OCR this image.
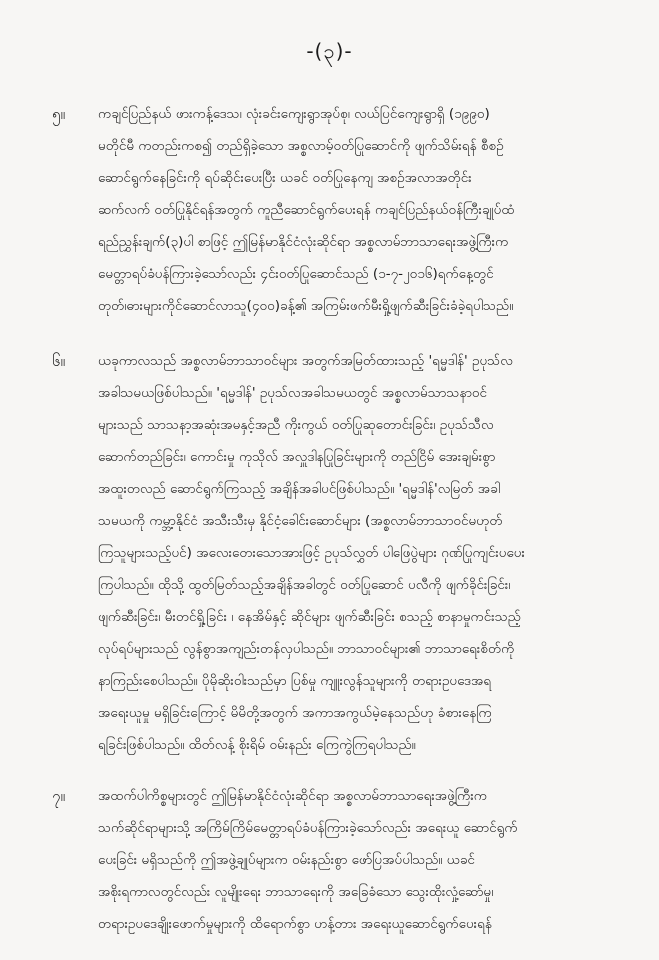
-(၃)-
၅။ ကချင်ပြည်နယ် ဖားကန့်ဒေသ၊ လုံးခင်းကျေးရွာအုပ်စု၊ လယ်ပြင်ကျေးရွာရှိ (၁၉၉၀)
မတိုင်မီ ကတည်းကစ၍ တည်ရှိခဲ့သော အစ္စလာမ့်ဝတ်ပြုဆောင်ကို ဖျက်သိမ်းရန် စီစဉ်
ဆောင်ရွက်နေခြင်းကို ရပ်ဆိုင်းပေးပြီး ယခင် ဝတ်ပြုနေကျ အစဉ်အလာအတိုင်း
ဆက်လက် ဝတ်ပြုနိုင်ရန်အတွက် ကူညီဆောင်ရွက်ပေးရန် ကချင်ပြည်နယ်ဝန်ကြီးချုပ်ထံ
ရည်ညွှန်းချက်(၃)ပါ စာဖြင့် ဤမြန်မာနိုင်ငံလုံးဆိုင်ရာ အစ္စလာမ်ဘာသာရေးအဖွဲ့ကြီးက
မေတ္တာရပ်ခံပန်ကြားခဲ့သော်လည်း ၄င်းဝတ်ပြုဆောင်သည် (၁-၇-၂၀၁၆)ရက်နေ့တွင်
တုတ်၊ဓားများကိုင်ဆောင်လာသူ(၄၀၀)ခန့်၏ အကြမ်းဖက်မီးရှို့ဖျက်ဆီးခြင်းခံခဲ့ရပါသည်။
၆။ ယခုကာလသည် အစ္စလာမ်ဘာသာဝင်များ အတွက်အမြတ်ထားသည့် 'ရမ္မဒါန်' ဥပုသ်လ
အခါသမယဖြစ်ပါသည်။ 'ရမ္မဒါန်' ဥပုသ်လအခါသမယတွင် အစ္စလာမ်သာသနာဝင်
များသည် သာသနာ့အဆုံးအမနှင့်အညီ ကိုးကွယ် ဝတ်ပြုဆုတောင်းခြင်း၊ ဥပုသ်သီလ
ဆောက်တည်ခြင်း၊ ကောင်းမှု ကုသိုလ် အလှူဒါနပြုခြင်းများကို တည်ငြိမ် အေးချမ်းစွာ
အထူးတလည် ဆောင်ရွက်ကြသည့် အချိန်အခါပင်ဖြစ်ပါသည်။ 'ရမ္မဒါန်'လမြတ် အခါ
သမယကို ကမ္ဘာ့နိုင်ငံ အသီးသီးမှ နိုင်ငံ့ခေါင်းဆောင်များ (အစ္စလာမ်ဘာသာဝင်မဟုတ်
ကြသူများသည့်ပင်) အလေးတေးသောအားဖြင့် ဥပုသ်လွှတ် ပါဖြေပွဲများ ဂုဏ်ပြုကျင်းပပေး
ကြပါသည်။ ထိုသို့ ထွတ်မြတ်သည့်အချိန်အခါတွင် ဝတ်ပြုဆောင် ပလီကို ဖျက်ခိုင်းခြင်း၊
ဖျက်ဆီးခြင်း၊ မီးတင်ရှို့ခြင်း ၊ နေအိမ်နှင့် ဆိုင်များ ဖျက်ဆီးခြင်း စသည့် စာနာမှုကင်းသည့်
လုပ်ရပ်များသည် လွန်စွာအကျည်းတန်လှပါသည်။ ဘာသာဝင်များ၏ ဘာသာရေးစိတ်ကို
နာကြည်းစေပါသည်။ ပိုမိုဆိုးဝါးသည်မှာ ပြစ်မှု ကျူးလွန်သူများကို တရားဥပဒေအရ
အရေးယူမှု မရှိခြင်းကြောင့် မိမိတို့အတွက် အကာအကွယ်မဲ့နေသည်ဟု ခံစားနေကြ
ရခြင်းဖြစ်ပါသည်။ ထိတ်လန့် စိုးရိမ် ဝမ်းနည်း ကြေကွဲကြရပါသည်။
၇။ အထက်ပါကိစ္စများတွင် ဤမြန်မာနိုင်ငံလုံးဆိုင်ရာ အစ္စလာမ်ဘာသာရေးအဖွဲ့ကြီးက
သက်ဆိုင်ရာများသို့ အကြိမ်ကြိမ်မေတ္တာရပ်ခံပန်ကြားခဲ့သော်လည်း အရေးယူ ဆောင်ရွက်
ပေးခြင်း မရှိသည်ကို ဤအဖွဲ့ချုပ်များက ဝမ်းနည်းစွာ ဖော်ပြအပ်ပါသည်။ ယခင်
အစိုးရကာလတွင်လည်း လူမျိုးရေး ဘာသာရေးကို အခြေခံသော သွေးထိုးလှုံ့ဆော်မှု၊
တရားဥပဒေချိုးဖောက်မှုများကို ထိရောက်စွာ ဟန့်တား အရေးယူဆောင်ရွက်ပေးရန်
